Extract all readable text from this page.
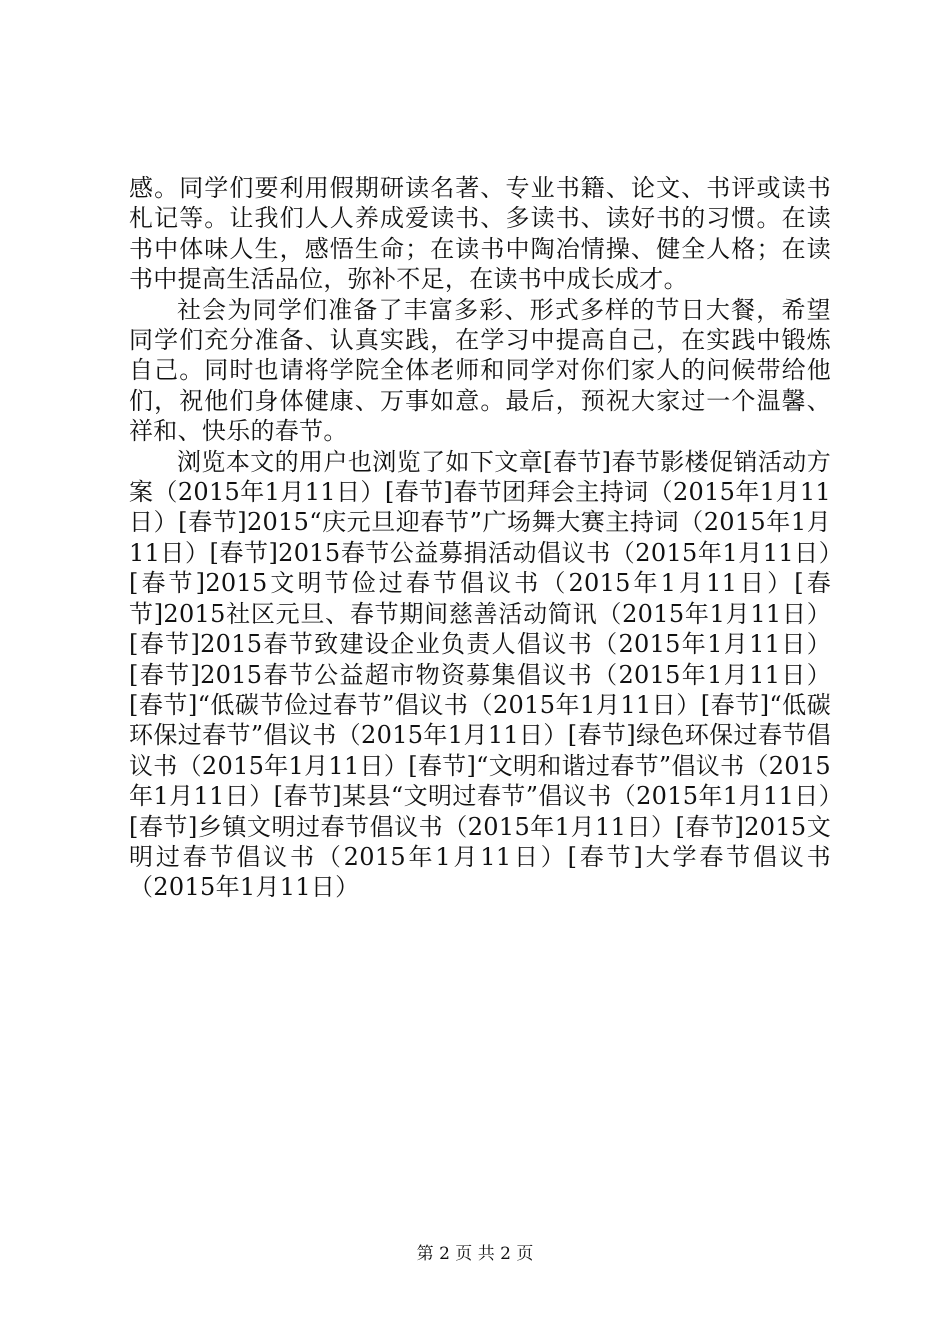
感。同学们要利用假期研读名著、专业书籍、论文、书评或读书札记等。让我们人人养成爱读书、多读书、读好书的习惯。在读书中体味人生，感悟生命；在读书中陶冶情操、健全人格；在读书中提高生活品位，弥补不足，在读书中成长成才。

社会为同学们准备了丰富多彩、形式多样的节日大餐，希望同学们充分准备、认真实践，在学习中提高自己，在实践中锻炼自己。同时也请将学院全体老师和同学对你们家人的问候带给他们，祝他们身体健康、万事如意。最后，预祝大家过一个温馨、祥和、快乐的春节。

浏览本文的用户也浏览了如下文章[春节]春节影楼促销活动方案（2015年1月11日）[春节]春节团拜会主持词（2015年1月11日）[春节]2015“庆元旦迎春节”广场舞大赛主持词（2015年1月11日）[春节]2015春节公益募捐活动倡议书（2015年1月11日）[春节]2015文明节俭过春节倡议书（2015年1月11日）[春节]2015社区元旦、春节期间慈善活动简讯（2015年1月11日）[春节]2015春节致建设企业负责人倡议书（2015年1月11日）[春节]2015春节公益超市物资募集倡议书（2015年1月11日）[春节]“低碳节俭过春节”倡议书（2015年1月11日）[春节]“低碳环保过春节”倡议书（2015年1月11日）[春节]绿色环保过春节倡议书（2015年1月11日）[春节]“文明和谐过春节”倡议书（2015年1月11日）[春节]某县“文明过春节”倡议书（2015年1月11日）[春节]乡镇文明过春节倡议书（2015年1月11日）[春节]2015文明过春节倡议书（2015年1月11日）[春节]大学春节倡议书（2015年1月11日）

第 2 页 共 2 页
